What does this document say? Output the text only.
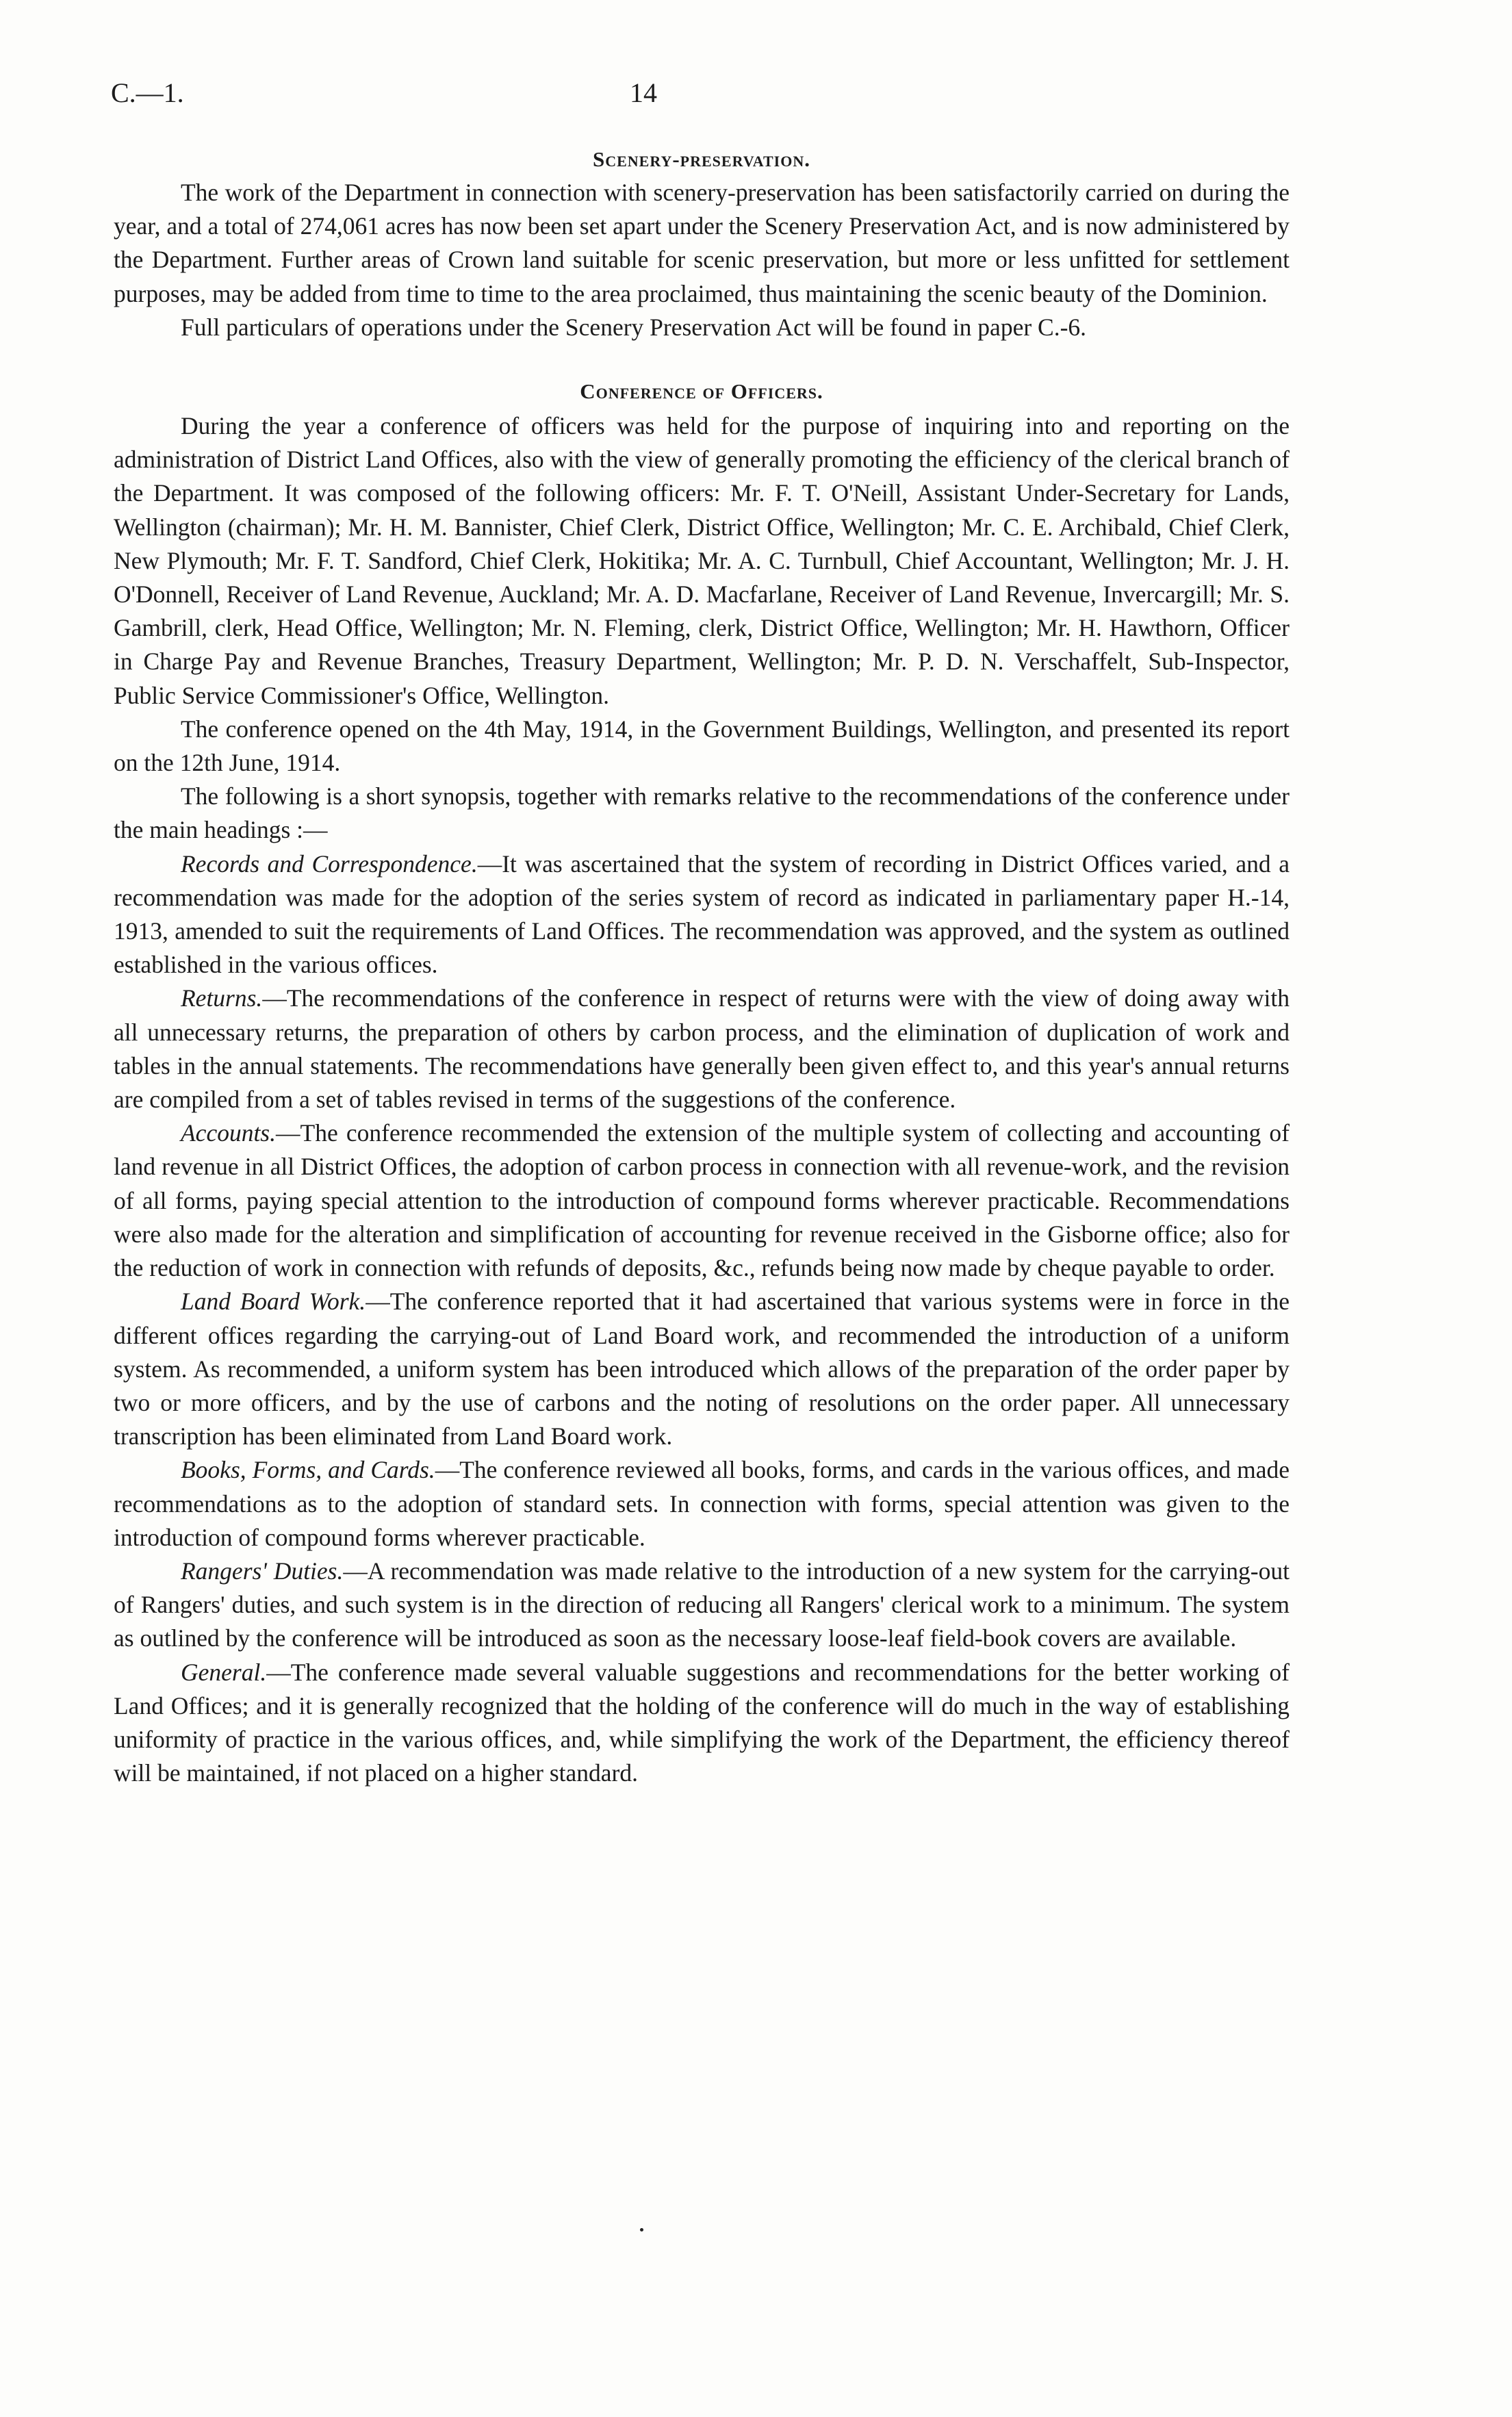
C.—1.	14
Scenery-preservation.

The work of the Department in connection with scenery-preservation has been satisfactorily carried on during the year, and a total of 274,061 acres has now been set apart under the Scenery Preservation Act, and is now administered by the Department. Further areas of Crown land suitable for scenic preservation, but more or less unfitted for settlement purposes, may be added from time to time to the area proclaimed, thus maintaining the scenic beauty of the Dominion.

Full particulars of operations under the Scenery Preservation Act will be found in paper C.-6.

Conference of Officers.

During the year a conference of officers was held for the purpose of inquiring into and reporting on the administration of District Land Offices, also with the view of generally promoting the efficiency of the clerical branch of the Department. It was composed of the following officers: Mr. F. T. O'Neill, Assistant Under-Secretary for Lands, Wellington (chairman); Mr. H. M. Bannister, Chief Clerk, District Office, Wellington; Mr. C. E. Archibald, Chief Clerk, New Plymouth; Mr. F. T. Sandford, Chief Clerk, Hokitika; Mr. A. C. Turnbull, Chief Accountant, Wellington; Mr. J. H. O'Donnell, Receiver of Land Revenue, Auckland; Mr. A. D. Macfarlane, Receiver of Land Revenue, Invercargill; Mr. S. Gambrill, clerk, Head Office, Wellington; Mr. N. Fleming, clerk, District Office, Wellington; Mr. H. Hawthorn, Officer in Charge Pay and Revenue Branches, Treasury Department, Wellington; Mr. P. D. N. Verschaffelt, Sub-Inspector, Public Service Commissioner's Office, Wellington.

The conference opened on the 4th May, 1914, in the Government Buildings, Wellington, and presented its report on the 12th June, 1914.

The following is a short synopsis, together with remarks relative to the recommendations of the conference under the main headings :—

Records and Correspondence.—It was ascertained that the system of recording in District Offices varied, and a recommendation was made for the adoption of the series system of record as indicated in parliamentary paper H.-14, 1913, amended to suit the requirements of Land Offices. The recommendation was approved, and the system as outlined established in the various offices.

Returns.—The recommendations of the conference in respect of returns were with the view of doing away with all unnecessary returns, the preparation of others by carbon process, and the elimination of duplication of work and tables in the annual statements. The recommendations have generally been given effect to, and this year's annual returns are compiled from a set of tables revised in terms of the suggestions of the conference.

Accounts.—The conference recommended the extension of the multiple system of collecting and accounting of land revenue in all District Offices, the adoption of carbon process in connection with all revenue-work, and the revision of all forms, paying special attention to the introduction of compound forms wherever practicable. Recommendations were also made for the alteration and simplification of accounting for revenue received in the Gisborne office; also for the reduction of work in connection with refunds of deposits, &c., refunds being now made by cheque payable to order.

Land Board Work.—The conference reported that it had ascertained that various systems were in force in the different offices regarding the carrying-out of Land Board work, and recommended the introduction of a uniform system. As recommended, a uniform system has been introduced which allows of the preparation of the order paper by two or more officers, and by the use of carbons and the noting of resolutions on the order paper. All unnecessary transcription has been eliminated from Land Board work.

Books, Forms, and Cards.—The conference reviewed all books, forms, and cards in the various offices, and made recommendations as to the adoption of standard sets. In connection with forms, special attention was given to the introduction of compound forms wherever practicable.

Rangers' Duties.—A recommendation was made relative to the introduction of a new system for the carrying-out of Rangers' duties, and such system is in the direction of reducing all Rangers' clerical work to a minimum. The system as outlined by the conference will be introduced as soon as the necessary loose-leaf field-book covers are available.

General.—The conference made several valuable suggestions and recommendations for the better working of Land Offices; and it is generally recognized that the holding of the conference will do much in the way of establishing uniformity of practice in the various offices, and, while simplifying the work of the Department, the efficiency thereof will be maintained, if not placed on a higher standard.
